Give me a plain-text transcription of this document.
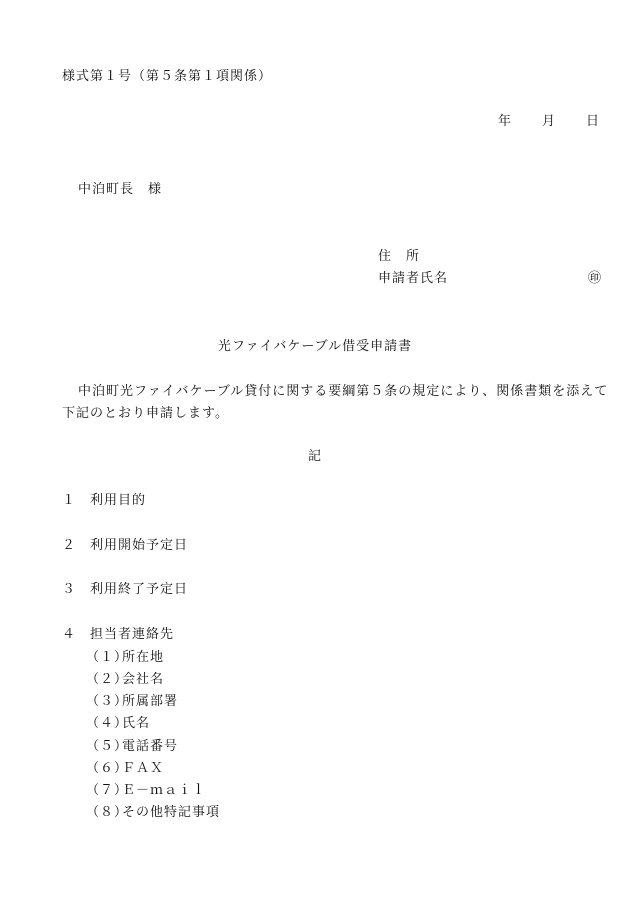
様式第１号（第５条第１項関係）
年 月 日
中泊町長　様
住　所
申請者氏名	㊞
光ファイバケーブル借受申請書
中泊町光ファイバケーブル貸付に関する要綱第５条の規定により、関係書類を添えて下記のとおり申請します。
記
１ 利用目的
２ 利用開始予定日
３ 利用終了予定日
４ 担当者連絡先
（１）所在地
（２）会社名
（３）所属部署
（４）氏名
（５）電話番号
（６）ＦＡＸ
（７）Ｅ－ｍａｉｌ
（８）その他特記事項
